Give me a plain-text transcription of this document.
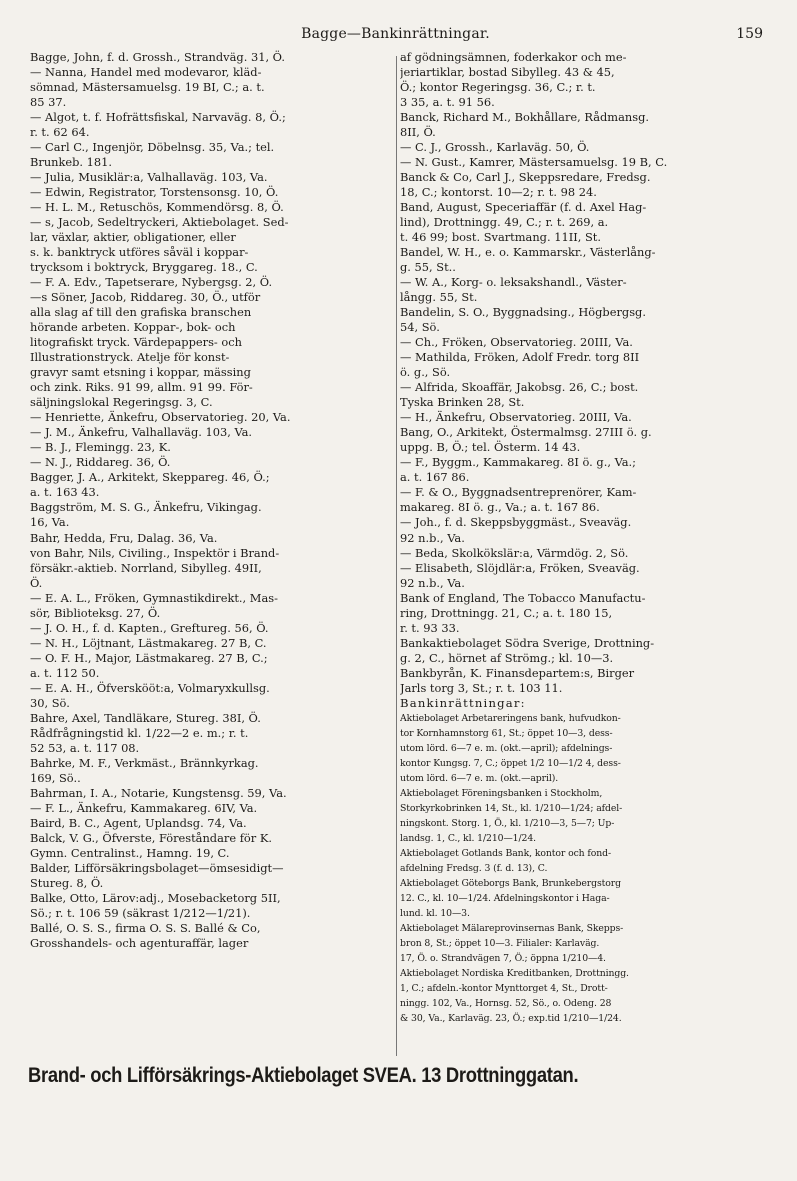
Bagge—Bankinrättningar.	159
Bagge, John, f. d. Grossh., Strandväg. 31, Ö.
— Nanna, Handel med modevaror, kläd-
sömnad, Mästersamuelsg. 19 BI, C.; a. t.
85 37.
— Algot, t. f. Hofrättsfiskal, Narvaväg. 8, Ö.;
r. t. 62 64.
— Carl C., Ingenjör, Döbelnsg. 35, Va.; tel.
Brunkeb. 181.
— Julia, Musiklär:a, Valhallaväg. 103, Va.
— Edwin, Registrator, Torstensonsg. 10, Ö.
— H. L. M., Retuschös, Kommendörsg. 8, Ö.
— s, Jacob, Sedeltryckeri, Aktiebolaget. Sed-
lar, växlar, aktier, obligationer, eller
s. k. banktryck utföres såväl i koppar-
trycksom i boktryck, Bryggareg. 18., C.
— F. A. Edv., Tapetserare, Nybergsg. 2, Ö.
—s Söner, Jacob, Riddareg. 30, Ö., utför
alla slag af till den grafiska branschen
hörande arbeten. Koppar-, bok- och
litografiskt tryck. Värdepappers- och
Illustrationstryck. Atelje för konst-
gravyr samt etsning i koppar, mässing
och zink. Riks. 91 99, allm. 91 99. För-
säljningslokal Regeringsg. 3, C.
— Henriette, Änkefru, Observatorieg. 20, Va.
— J. M., Änkefru, Valhallaväg. 103, Va.
— B. J., Flemingg. 23, K.
— N. J., Riddareg. 36, Ö.
Bagger, J. A., Arkitekt, Skeppareg. 46, Ö.;
a. t. 163 43.
Baggström, M. S. G., Änkefru, Vikingag.
16, Va.
Bahr, Hedda, Fru, Dalag. 36, Va.
von Bahr, Nils, Civiling., Inspektör i Brand-
försäkr.-aktieb. Norrland, Sibylleg. 49II,
Ö.
— E. A. L., Fröken, Gymnastikdirekt., Mas-
sör, Biblioteksg. 27, Ö.
— J. O. H., f. d. Kapten., Greftureg. 56, Ö.
— N. H., Löjtnant, Lästmakareg. 27 B, C.
— O. F. H., Major, Lästmakareg. 27 B, C.;
a. t. 112 50.
— E. A. H., Öfverskööt:a, Volmaryxkullsg.
30, Sö.
Bahre, Axel, Tandläkare, Stureg. 38I, Ö.
Rådfrågningstid kl. 1/22—2 e. m.; r. t.
52 53, a. t. 117 08.
Bahrke, M. F., Verkmäst., Brännkyrkag.
169, Sö..
Bahrman, I. A., Notarie, Kungstensg. 59, Va.
— F. L., Änkefru, Kammakareg. 6IV, Va.
Baird, B. C., Agent, Uplandsg. 74, Va.
Balck, V. G., Öfverste, Föreståndare för K.
Gymn. Centralinst., Hamng. 19, C.
Balder, Lifförsäkringsbolaget—ömsesidigt—
Stureg. 8, Ö.
Balke, Otto, Lärov:adj., Mosebacketorg 5II,
Sö.; r. t. 106 59 (säkrast 1/212—1/21).
Ballé, O. S. S., firma O. S. S. Ballé & Co,
Grosshandels- och agenturaffär, lager
af gödningsämnen, foderkakor och me-
jeriartiklar, bostad Sibylleg. 43 & 45,
Ö.; kontor Regeringsg. 36, C.; r. t.
3 35, a. t. 91 56.
Banck, Richard M., Bokhållare, Rådmansg.
8II, Ö.
— C. J., Grossh., Karlaväg. 50, Ö.
— N. Gust., Kamrer, Mästersamuelsg. 19 B, C.
Banck & Co, Carl J., Skeppsredare, Fredsg.
18, C.; kontorst. 10—2; r. t. 98 24.
Band, August, Speceriaffär (f. d. Axel Hag-
lind), Drottningg. 49, C.; r. t. 269, a.
t. 46 99; bost. Svartmang. 11II, St.
Bandel, W. H., e. o. Kammarskr., Västerlång-
g. 55, St..
— W. A., Korg- o. leksakshandl., Väster-
långg. 55, St.
Bandelin, S. O., Byggnadsing., Högbergsg.
54, Sö.
— Ch., Fröken, Observatorieg. 20III, Va.
— Mathilda, Fröken, Adolf Fredr. torg 8II
ö. g., Sö.
— Alfrida, Skoaffär, Jakobsg. 26, C.; bost.
Tyska Brinken 28, St.
— H., Änkefru, Observatorieg. 20III, Va.
Bang, O., Arkitekt, Östermalmsg. 27III ö. g.
uppg. B, Ö.; tel. Österm. 14 43.
— F., Byggm., Kammakareg. 8I ö. g., Va.;
a. t. 167 86.
— F. & O., Byggnadsentreprenörer, Kam-
makareg. 8I ö. g., Va.; a. t. 167 86.
— Joh., f. d. Skeppsbyggmäst., Sveaväg.
92 n.b., Va.
— Beda, Skolkökslär:a, Värmdög. 2, Sö.
— Elisabeth, Slöjdlär:a, Fröken, Sveaväg.
92 n.b., Va.
Bank of England, The Tobacco Manufactu-
ring, Drottningg. 21, C.; a. t. 180 15,
r. t. 93 33.
Bankaktiebolaget Södra Sverige, Drottning-
g. 2, C., hörnet af Strömg.; kl. 10—3.
Bankbyrån, K. Finansdepartem:s, Birger
Jarls torg 3, St.; r. t. 103 11.
Bankinrättningar:
Aktiebolaget Arbetareringens bank, hufvudkon-
tor Kornhamnstorg 61, St.; öppet 10—3, dess-
utom lörd. 6—7 e. m. (okt.—april); afdelnings-
kontor Kungsg. 7, C.; öppet 1/2 10—1/2 4, dess-
utom lörd. 6—7 e. m. (okt.—april).
Aktiebolaget Föreningsbanken i Stockholm,
Storkyrkobrinken 14, St., kl. 1/210—1/24; afdel-
ningskont. Storg. 1, Ö., kl. 1/210—3, 5—7; Up-
landsg. 1, C., kl. 1/210—1/24.
Aktiebolaget Gotlands Bank, kontor och fond-
afdelning Fredsg. 3 (f. d. 13), C.
Aktiebolaget Göteborgs Bank, Brunkebergstorg
12. C., kl. 10—1/24. Afdelningskontor i Haga-
lund. kl. 10—3.
Aktiebolaget Mälareprovinsernas Bank, Skepps-
bron 8, St.; öppet 10—3. Filialer: Karlaväg.
17, Ö. o. Strandvägen 7, Ö.; öppna 1/210—4.
Aktiebolaget Nordiska Kreditbanken, Drottningg.
1, C.; afdeln.-kontor Mynttorget 4, St., Drott-
ningg. 102, Va., Hornsg. 52, Sö., o. Odeng. 28
& 30, Va., Karlaväg. 23, Ö.; exp.tid 1/210—1/24.
Brand- och Lifförsäkrings-Aktiebolaget SVEA. 13 Drottninggatan.
